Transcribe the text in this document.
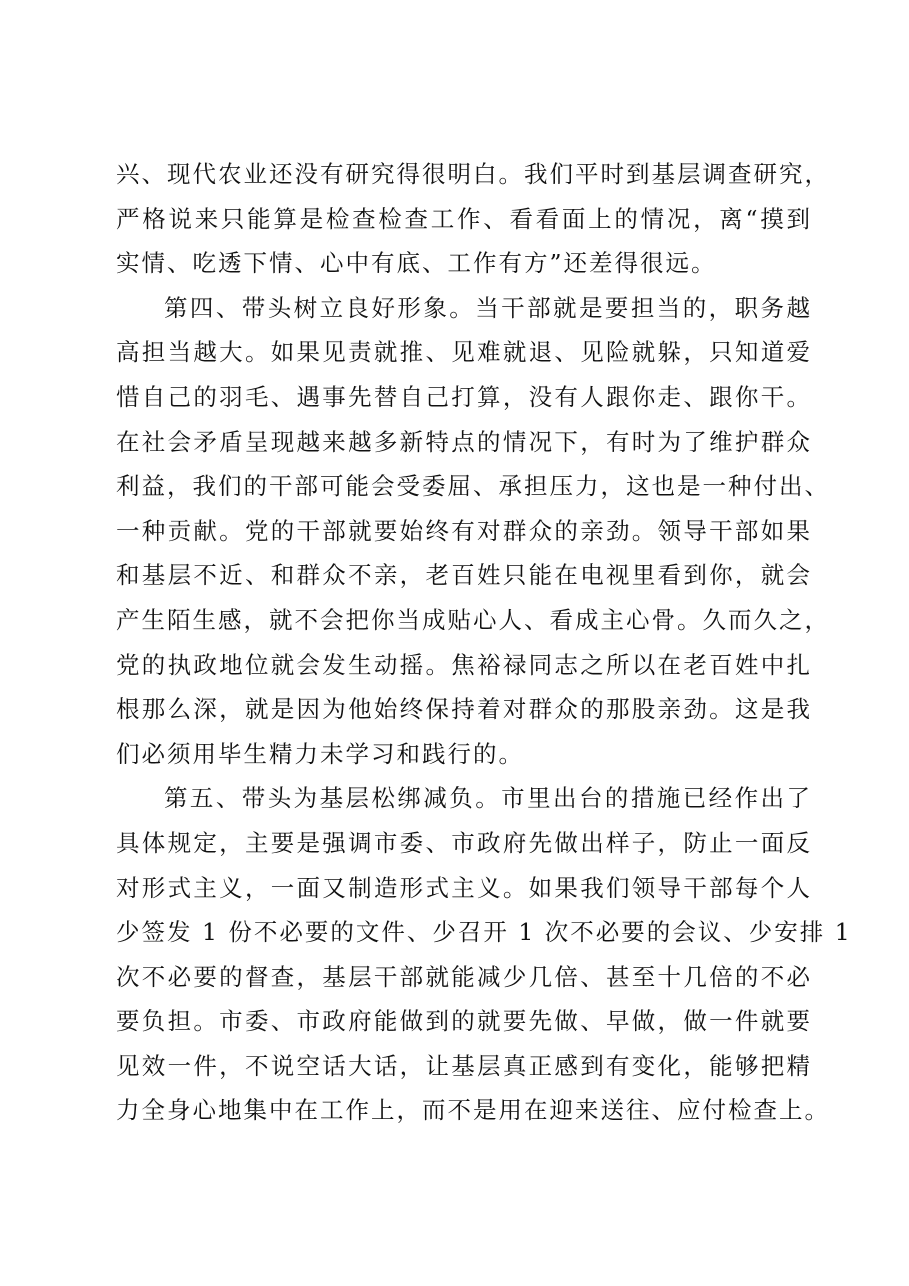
兴、现代农业还没有研究得很明白。我们平时到基层调查研究，
严格说来只能算是检查检查工作、看看面上的情况，离“摸到
实情、吃透下情、心中有底、工作有方”还差得很远。
第四、带头树立良好形象。当干部就是要担当的，职务越
高担当越大。如果见责就推、见难就退、见险就躲，只知道爱
惜自己的羽毛、遇事先替自己打算，没有人跟你走、跟你干。
在社会矛盾呈现越来越多新特点的情况下，有时为了维护群众
利益，我们的干部可能会受委屈、承担压力，这也是一种付出、
一种贡献。党的干部就要始终有对群众的亲劲。领导干部如果
和基层不近、和群众不亲，老百姓只能在电视里看到你，就会
产生陌生感，就不会把你当成贴心人、看成主心骨。久而久之，
党的执政地位就会发生动摇。焦裕禄同志之所以在老百姓中扎
根那么深，就是因为他始终保持着对群众的那股亲劲。这是我
们必须用毕生精力未学习和践行的。
第五、带头为基层松绑减负。市里出台的措施已经作出了
具体规定，主要是强调市委、市政府先做出样子，防止一面反
对形式主义，一面又制造形式主义。如果我们领导干部每个人
少签发 1 份不必要的文件、少召开 1 次不必要的会议、少安排 1
次不必要的督查，基层干部就能减少几倍、甚至十几倍的不必
要负担。市委、市政府能做到的就要先做、早做，做一件就要
见效一件，不说空话大话，让基层真正感到有变化，能够把精
力全身心地集中在工作上，而不是用在迎来送往、应付检查上。
